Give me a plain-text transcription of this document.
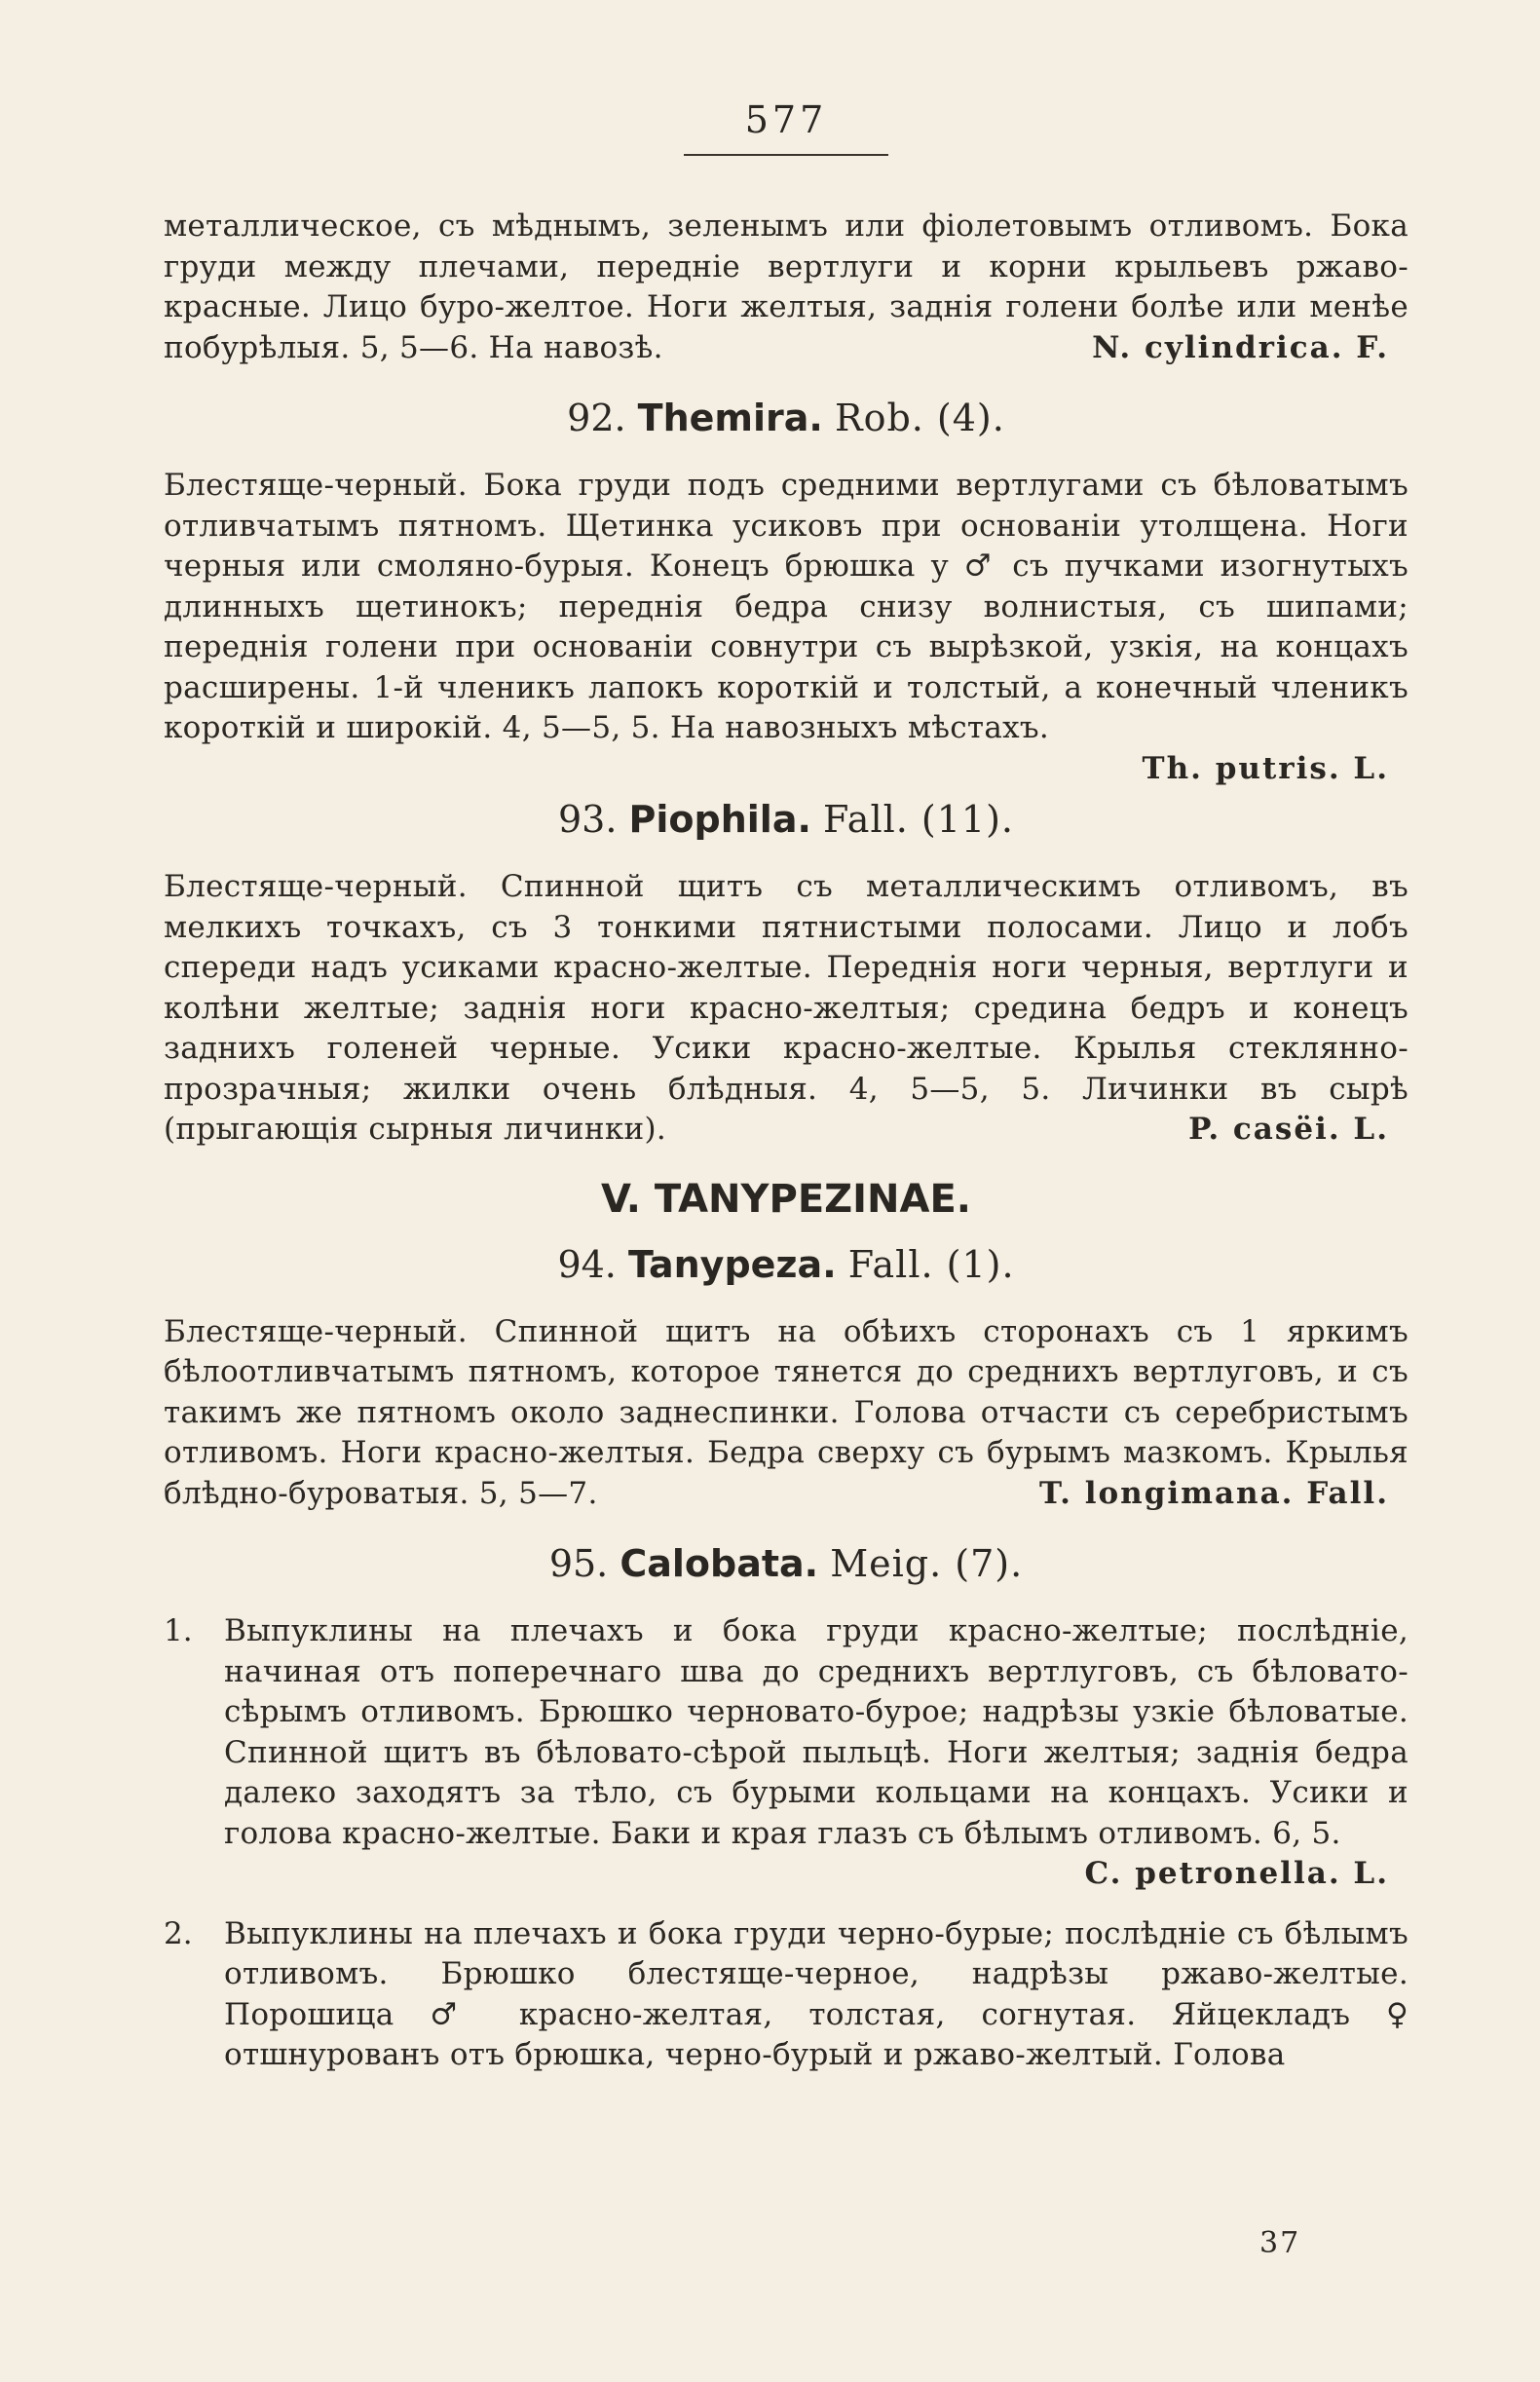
577

металлическое, съ мѣднымъ, зеленымъ или фіолетовымъ отливомъ. Бока груди между плечами, переднiе вертлуги и корни крыльевъ ржаво-красные. Лицо буро-желтое. Ноги желтыя, заднiя голени болѣе или менѣе побурѣлыя. 5, 5—6. На навозѣ.	N. cylindrica. F.

92. Themira. Rob. (4).

Блестяще-черный. Бока груди подъ средними вертлугами съ бѣловатымъ отливчатымъ пятномъ. Щетинка усиковъ при основанiи утолщена. Ноги черныя или смоляно-бурыя. Конецъ брюшка у ♂ съ пучками изогнутыхъ длинныхъ щетинокъ; переднiя бедра снизу волнистыя, съ шипами; переднiя голени при основанiи совнутри съ вырѣзкой, узкiя, на концахъ расширены. 1-й членикъ лапокъ короткiй и толстый, а конечный членикъ короткiй и широкiй. 4, 5—5, 5. На навозныхъ мѣстахъ.

Th. putris. L.
93. Piophila. Fall. (11).

Блестяще-черный. Спинной щитъ съ металлическимъ отливомъ, въ мелкихъ точкахъ, съ 3 тонкими пятнистыми полосами. Лицо и лобъ спереди надъ усиками красно-желтые. Переднiя ноги черныя, вертлуги и колѣни желтые; заднiя ноги красно-желтыя; средина бедръ и конецъ заднихъ голеней черные. Усики красно-желтые. Крылья стеклянно-прозрачныя; жилки очень блѣдныя. 4, 5—5, 5. Личинки въ сырѣ (прыгающiя сырныя личинки).	P. casëi. L.

V. TANYPEZINAE.
94. Tanypeza. Fall. (1).

Блестяще-черный. Спинной щитъ на обѣихъ сторонахъ съ 1 яркимъ бѣлоотливчатымъ пятномъ, которое тянется до среднихъ вертлуговъ, и съ такимъ же пятномъ около заднеспинки. Голова отчасти съ серебристымъ отливомъ. Ноги красно-желтыя. Бедра сверху съ бурымъ мазкомъ. Крылья блѣдно-буроватыя. 5, 5—7.	T. longimana. Fall.

95. Calobata. Meig. (7).
1.	Выпуклины на плечахъ и бока груди красно-желтые; послѣднiе, начиная отъ поперечнаго шва до среднихъ вертлуговъ, съ бѣловато-сѣрымъ отливомъ. Брюшко черновато-бурое; надрѣзы узкiе бѣловатые. Спинной щитъ въ бѣловато-сѣрой пыльцѣ. Ноги желтыя; заднiя бедра далеко заходятъ за тѣло, съ бурыми кольцами на концахъ. Усики и голова красно-желтые. Баки и края глазъ съ бѣлымъ отливомъ. 6, 5.
C. petronella. L.

2.	Выпуклины на плечахъ и бока груди черно-бурые; послѣднiе съ бѣлымъ отливомъ. Брюшко блестяще-черное, надрѣзы ржаво-желтые. Порошица ♂ красно-желтая, толстая, согнутая. Яйцекладъ ♀ отшнурованъ отъ брюшка, черно-бурый и ржаво-желтый. Голова

37
